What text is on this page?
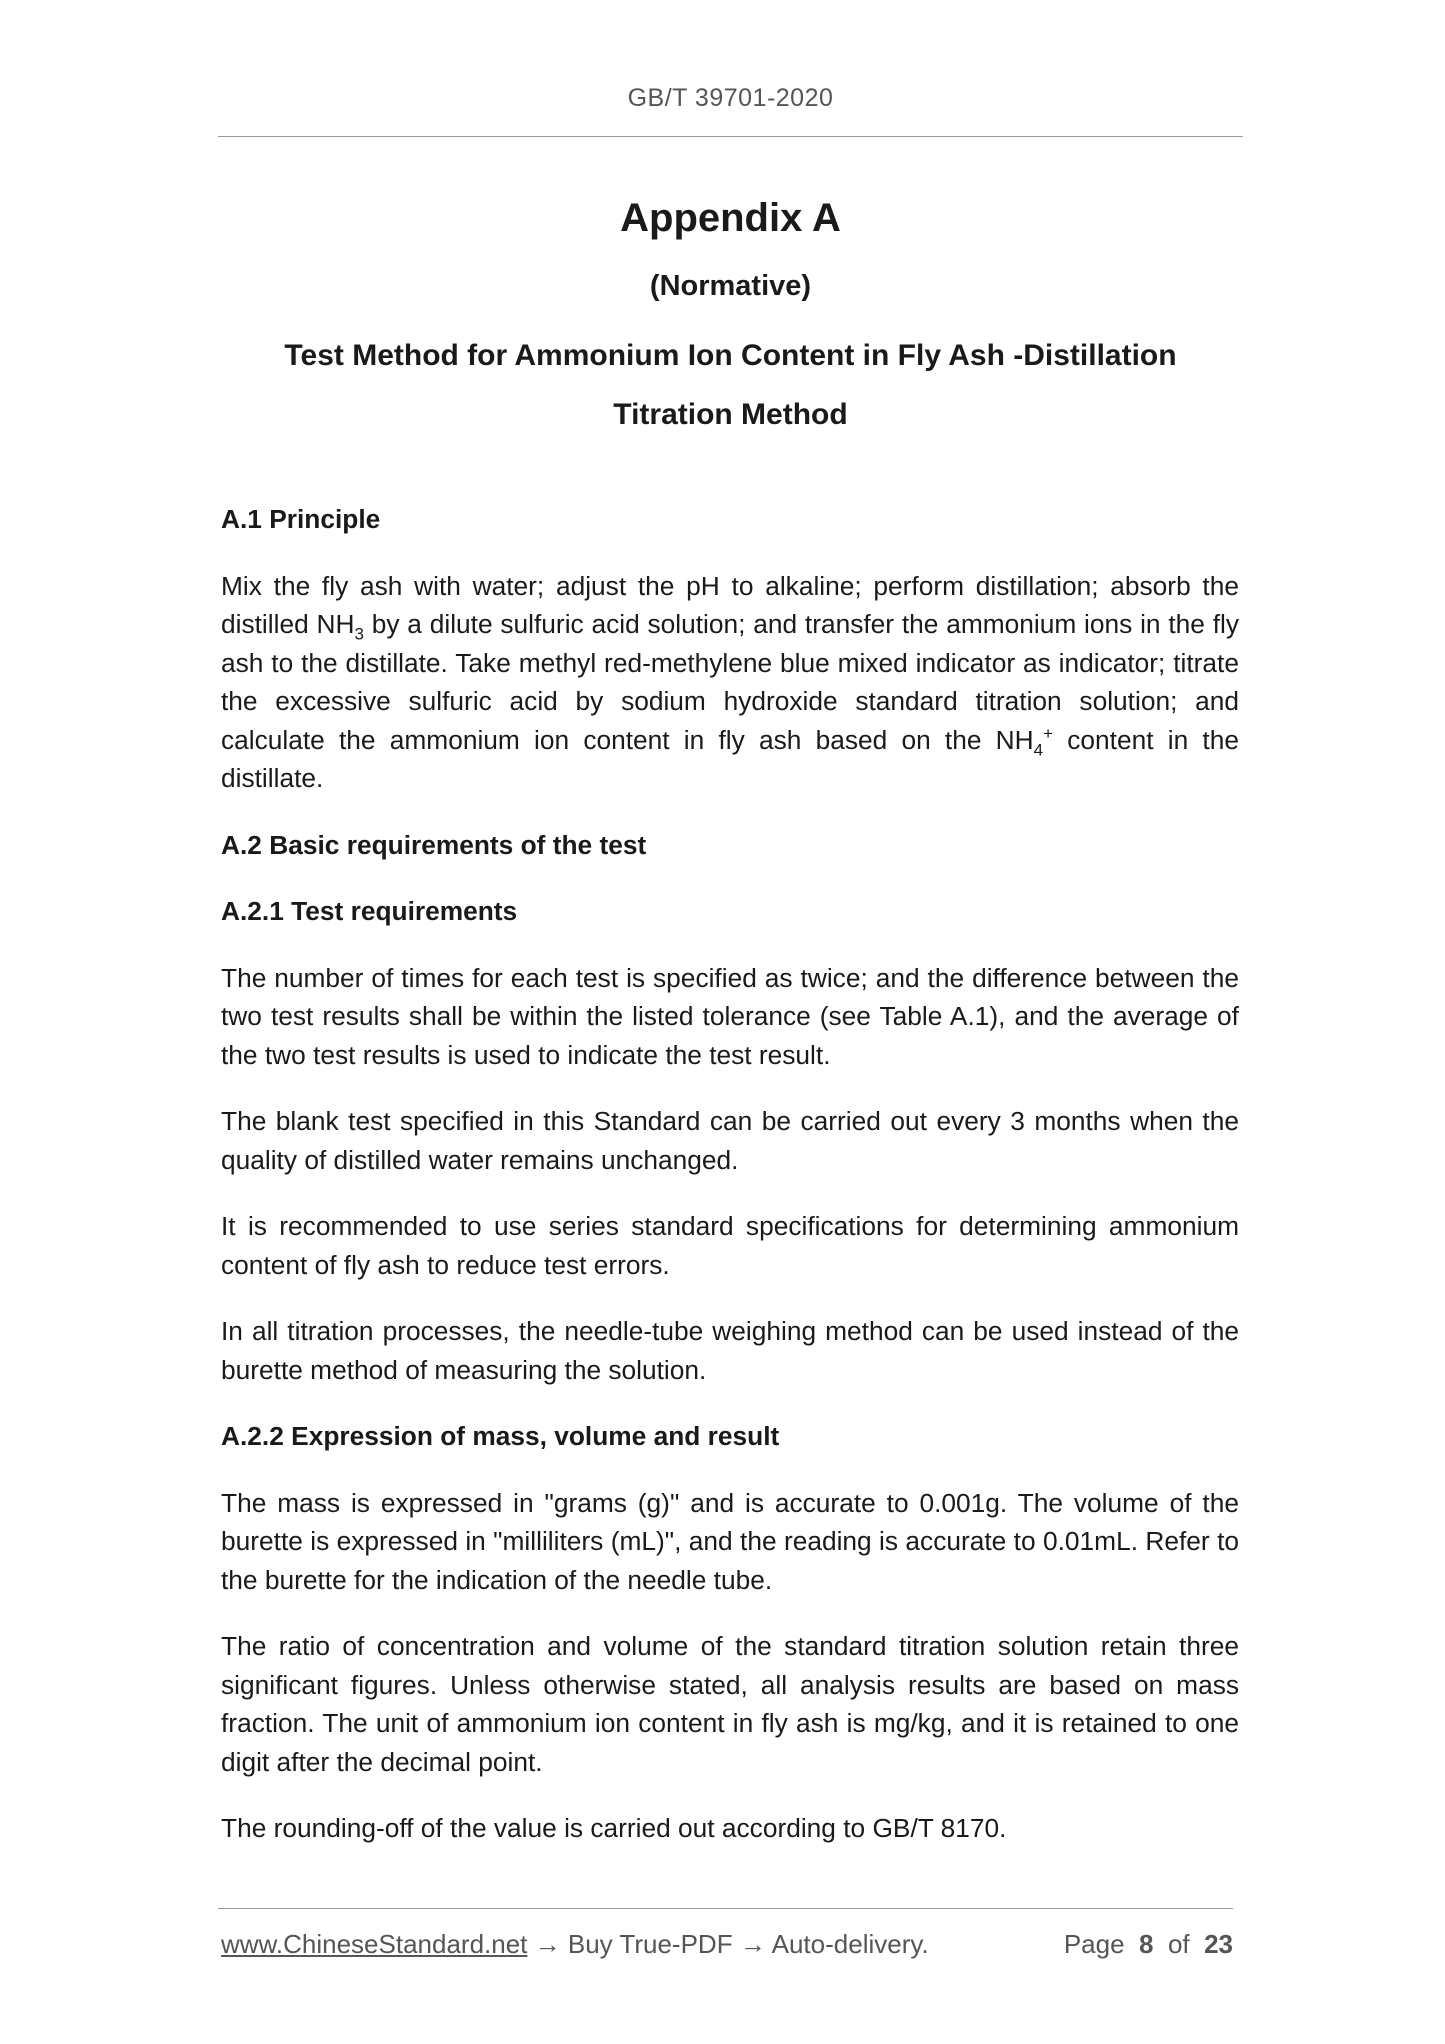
GB/T 39701-2020
Appendix A
(Normative)
Test Method for Ammonium Ion Content in Fly Ash -Distillation
Titration Method
A.1 Principle

Mix the fly ash with water; adjust the pH to alkaline; perform distillation; absorb the distilled $NH_3$ by a dilute sulfuric acid solution; and transfer the ammonium ions in the fly ash to the distillate. Take methyl red-methylene blue mixed indicator as indicator; titrate the excessive sulfuric acid by sodium hydroxide standard titration solution; and calculate the ammonium ion content in fly ash based on the $NH_4^+$ content in the distillate.

A.2 Basic requirements of the test
A.2.1 Test requirements

The number of times for each test is specified as twice; and the difference between the two test results shall be within the listed tolerance (see Table A.1), and the average of the two test results is used to indicate the test result.

The blank test specified in this Standard can be carried out every 3 months when the quality of distilled water remains unchanged.

It is recommended to use series standard specifications for determining ammonium content of fly ash to reduce test errors.

In all titration processes, the needle-tube weighing method can be used instead of the burette method of measuring the solution.

A.2.2 Expression of mass, volume and result

The mass is expressed in "grams (g)" and is accurate to 0.001g. The volume of the burette is expressed in "milliliters (mL)", and the reading is accurate to 0.01mL. Refer to the burette for the indication of the needle tube.

The ratio of concentration and volume of the standard titration solution retain three significant figures. Unless otherwise stated, all analysis results are based on mass fraction. The unit of ammonium ion content in fly ash is mg/kg, and it is retained to one digit after the decimal point.

The rounding-off of the value is carried out according to GB/T 8170.

www.ChineseStandard.net → Buy True-PDF → Auto-delivery.	Page 8 of 23
